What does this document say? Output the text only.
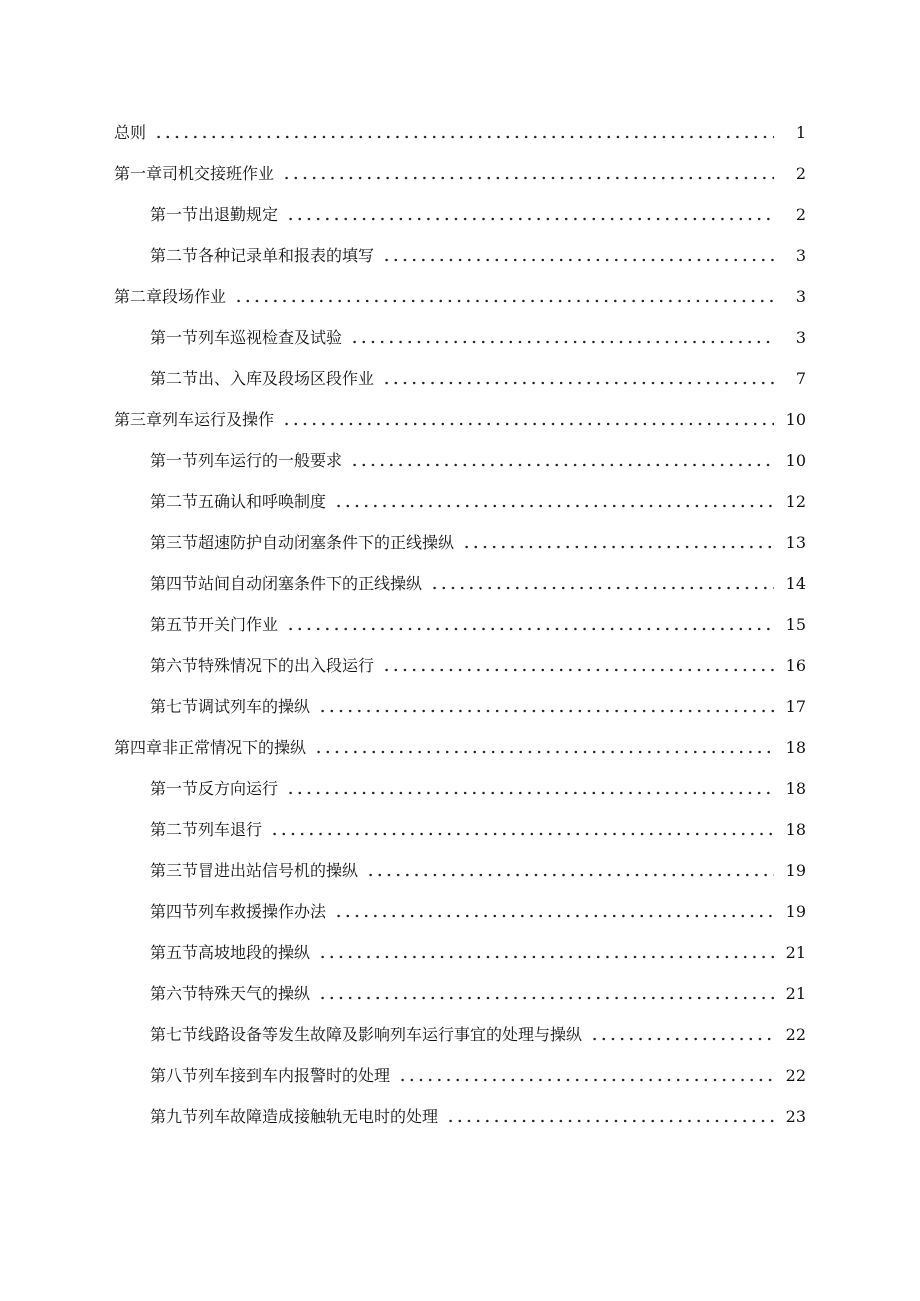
总则	1
第一章司机交接班作业	2
第一节出退勤规定	2
第二节各种记录单和报表的填写	3
第二章段场作业	3
第一节列车巡视检查及试验	3
第二节出、入库及段场区段作业	7
第三章列车运行及操作	10
第一节列车运行的一般要求	10
第二节五确认和呼唤制度	12
第三节超速防护自动闭塞条件下的正线操纵	13
第四节站间自动闭塞条件下的正线操纵	14
第五节开关门作业	15
第六节特殊情况下的出入段运行	16
第七节调试列车的操纵	17
第四章非正常情况下的操纵	18
第一节反方向运行	18
第二节列车退行	18
第三节冒进出站信号机的操纵	19
第四节列车救援操作办法	19
第五节高坡地段的操纵	21
第六节特殊天气的操纵	21
第七节线路设备等发生故障及影响列车运行事宜的处理与操纵	22
第八节列车接到车内报警时的处理	22
第九节列车故障造成接触轨无电时的处理	23
